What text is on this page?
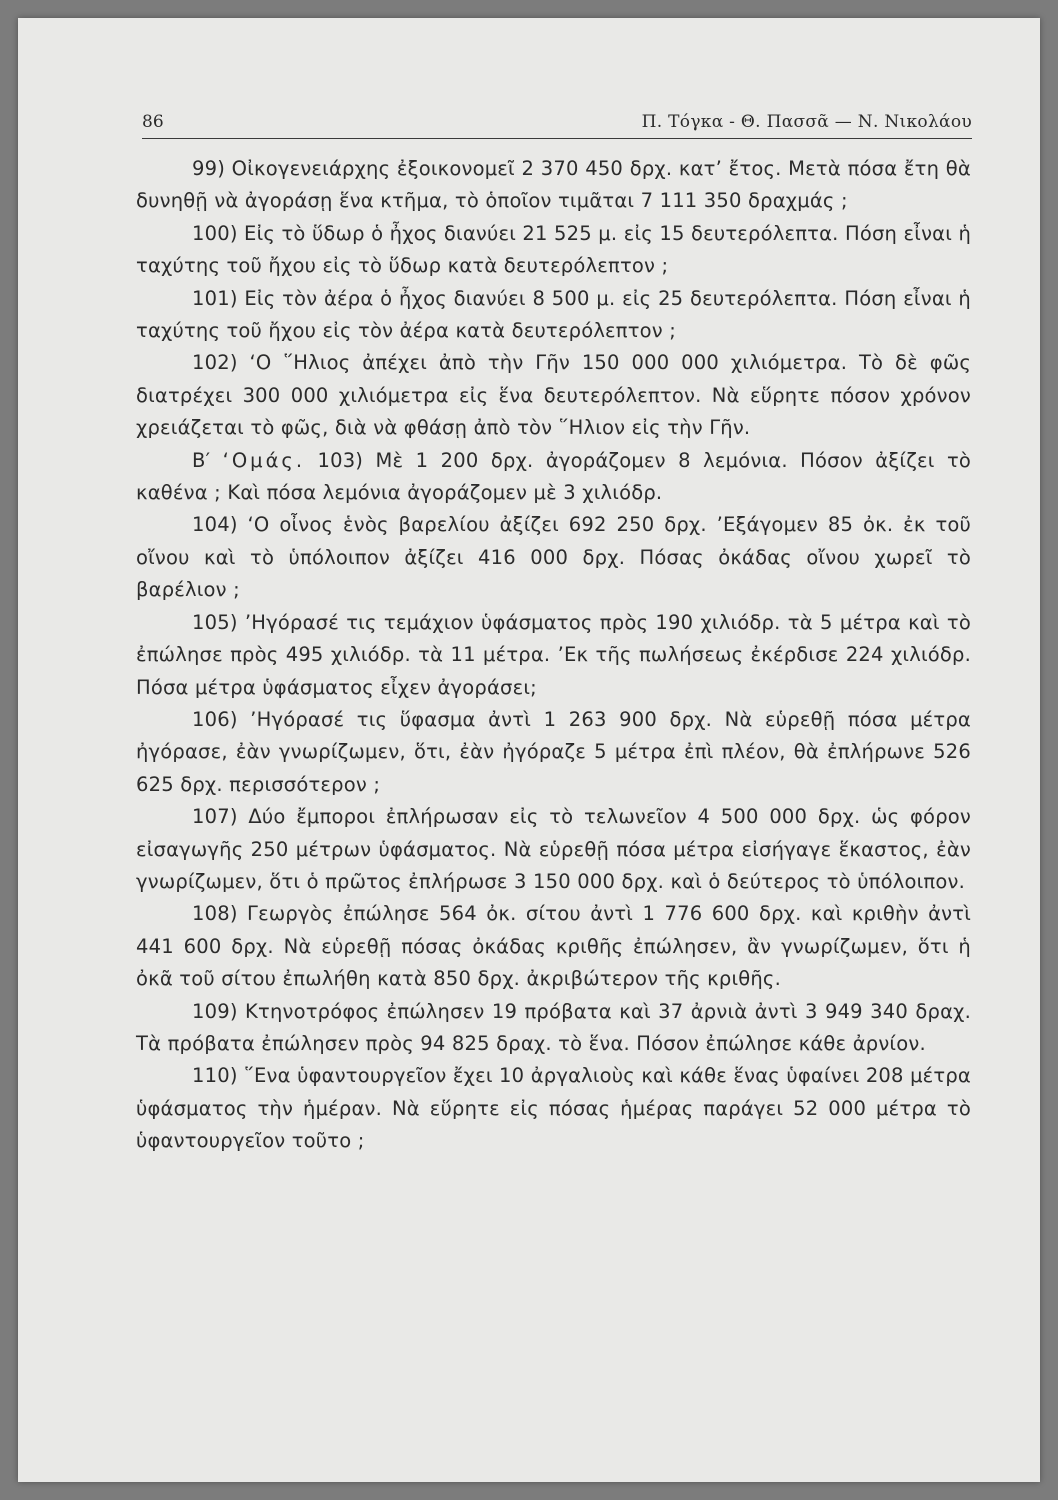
86	Π. Τόγκα - Θ. Πασσᾶ — Ν. Νικολάου

99) Οἰκογενειάρχης ἐξοικονομεῖ 2 370 450 δρχ. κατ’ ἔτος. Μετὰ πόσα ἔτη θὰ δυνηθῇ νὰ ἀγοράσῃ ἕνα κτῆμα, τὸ ὁποῖον τιμᾶται 7 111 350 δραχμάς ;

100) Εἰς τὸ ὕδωρ ὁ ἦχος διανύει 21 525 μ. εἰς 15 δευτερόλεπτα. Πόση εἶναι ἡ ταχύτης τοῦ ἤχου εἰς τὸ ὕδωρ κατὰ δευτερόλεπτον ;

101) Εἰς τὸν ἀέρα ὁ ἦχος διανύει 8 500 μ. εἰς 25 δευτερόλεπτα. Πόση εἶναι ἡ ταχύτης τοῦ ἤχου εἰς τὸν ἀέρα κατὰ δευτερόλεπτον ;

102) ‘Ο ῞Ηλιος ἀπέχει ἀπὸ τὴν Γῆν 150 000 000 χιλιόμετρα. Τὸ δὲ φῶς διατρέχει 300 000 χιλιόμετρα εἰς ἕνα δευτερόλεπτον. Νὰ εὕρητε πόσον χρόνον χρειάζεται τὸ φῶς, διὰ νὰ φθάσῃ ἀπὸ τὸν ῞Ηλιον εἰς τὴν Γῆν.

Β′ ‘Ομάς. 103) Μὲ 1 200 δρχ. ἀγοράζομεν 8 λεμόνια. Πόσον ἀξίζει τὸ καθένα ; Καὶ πόσα λεμόνια ἀγοράζομεν μὲ 3 χιλιόδρ.

104) ‘Ο οἶνος ἑνὸς βαρελίου ἀξίζει 692 250 δρχ. ’Εξάγομεν 85 ὀκ. ἐκ τοῦ οἴνου καὶ τὸ ὑπόλοιπον ἀξίζει 416 000 δρχ. Πόσας ὀκάδας οἴνου χωρεῖ τὸ βαρέλιον ;

105) ’Ηγόρασέ τις τεμάχιον ὑφάσματος πρὸς 190 χιλιόδρ. τὰ 5 μέτρα καὶ τὸ ἐπώλησε πρὸς 495 χιλιόδρ. τὰ 11 μέτρα. ’Εκ τῆς πωλήσεως ἐκέρδισε 224 χιλιόδρ. Πόσα μέτρα ὑφάσματος εἶχεν ἀγοράσει;

106) ’Ηγόρασέ τις ὕφασμα ἀντὶ 1 263 900 δρχ. Νὰ εὑρεθῇ πόσα μέτρα ἠγόρασε, ἐὰν γνωρίζωμεν, ὅτι, ἐὰν ἠγόραζε 5 μέτρα ἐπὶ πλέον, θὰ ἐπλήρωνε 526 625 δρχ. περισσότερον ;

107) Δύο ἔμποροι ἐπλήρωσαν εἰς τὸ τελωνεῖον 4 500 000 δρχ. ὡς φόρον εἰσαγωγῆς 250 μέτρων ὑφάσματος. Νὰ εὑρεθῇ πόσα μέτρα εἰσήγαγε ἕκαστος, ἐὰν γνωρίζωμεν, ὅτι ὁ πρῶτος ἐπλήρωσε 3 150 000 δρχ. καὶ ὁ δεύτερος τὸ ὑπόλοιπον.

108) Γεωργὸς ἐπώλησε 564 ὀκ. σίτου ἀντὶ 1 776 600 δρχ. καὶ κριθὴν ἀντὶ 441 600 δρχ. Νὰ εὑρεθῇ πόσας ὀκάδας κριθῆς ἐπώλησεν, ἂν γνωρίζωμεν, ὅτι ἡ ὀκᾶ τοῦ σίτου ἐπωλήθη κατὰ 850 δρχ. ἀκριβώτερον τῆς κριθῆς.

109) Κτηνοτρόφος ἐπώλησεν 19 πρόβατα καὶ 37 ἀρνιὰ ἀντὶ 3 949 340 δραχ. Τὰ πρόβατα ἐπώλησεν πρὸς 94 825 δραχ. τὸ ἕνα. Πόσον ἐπώλησε κάθε ἀρνίον.

110) ῞Ενα ὑφαντουργεῖον ἔχει 10 ἀργαλιοὺς καὶ κάθε ἕνας ὑφαίνει 208 μέτρα ὑφάσματος τὴν ἡμέραν. Νὰ εὕρητε εἰς πόσας ἡμέρας παράγει 52 000 μέτρα τὸ ὑφαντουργεῖον τοῦτο ;
